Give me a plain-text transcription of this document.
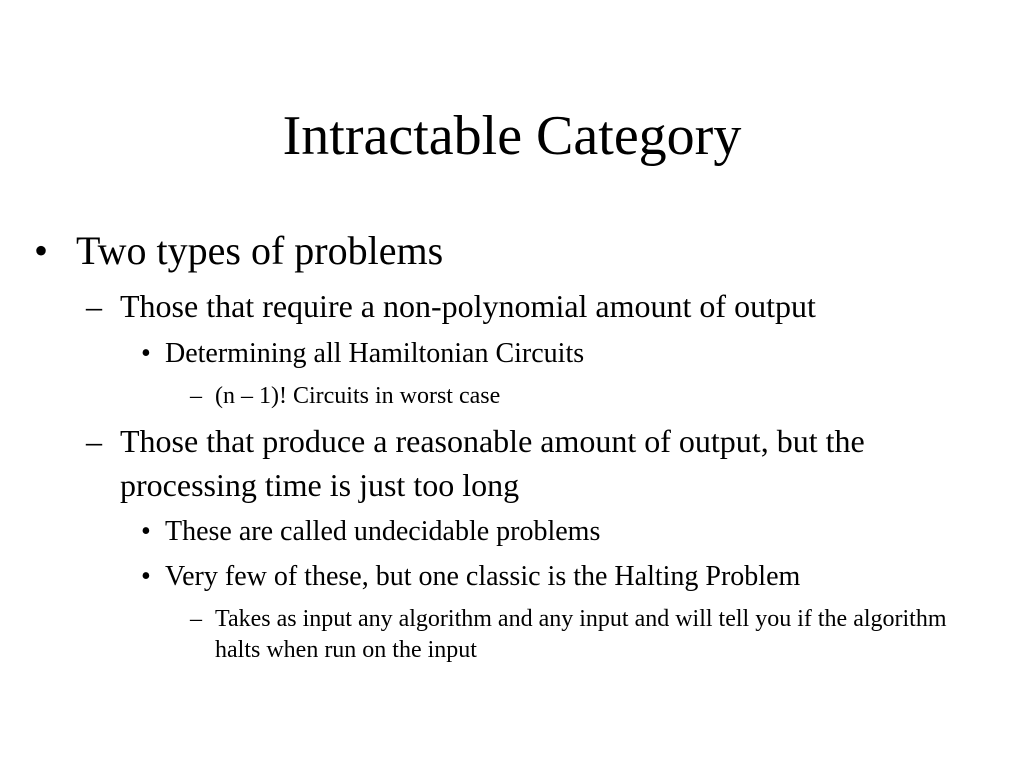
Intractable Category
• Two types of problems
– Those that require a non-polynomial amount of output
• Determining all Hamiltonian Circuits
– (n – 1)! Circuits in worst case
– Those that produce a reasonable amount of output, but the processing time is just too long
• These are called undecidable problems
• Very few of these, but one classic is the Halting Problem
– Takes as input any algorithm and any input and will tell you if the algorithm halts when run on the input
